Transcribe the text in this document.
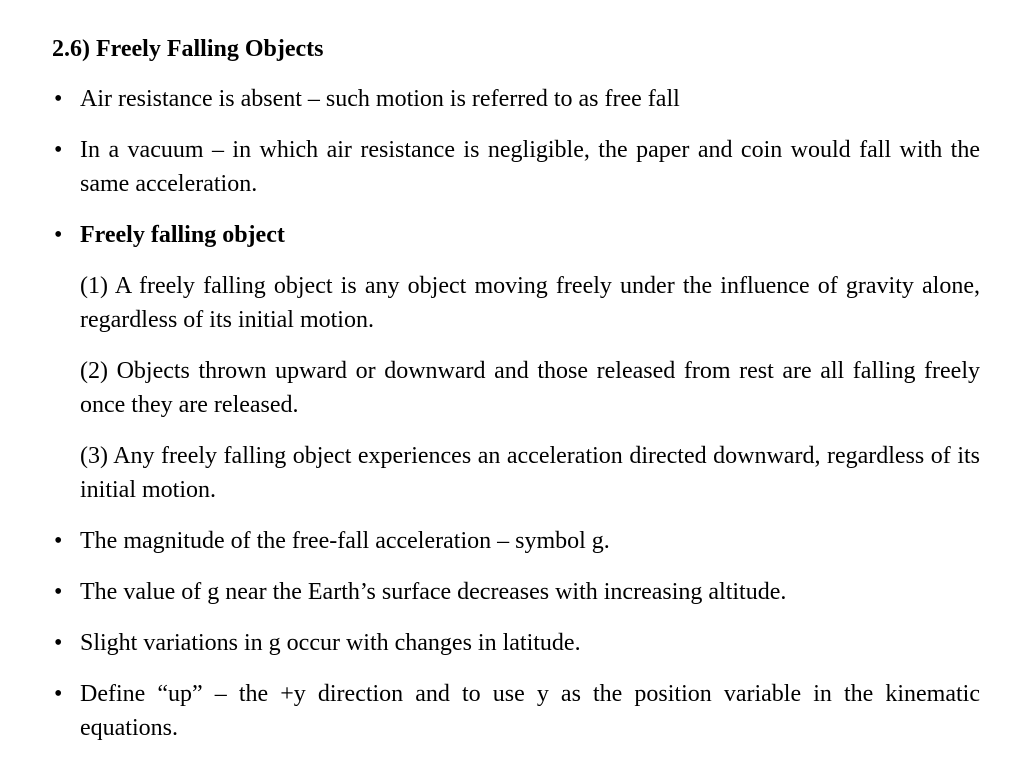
2.6) Freely Falling Objects
• Air resistance is absent – such motion is referred to as free fall
• In a vacuum – in which air resistance is negligible, the paper and coin would fall with the same acceleration.
• Freely falling object
(1) A freely falling object is any object moving freely under the influence of gravity alone, regardless of its initial motion.
(2) Objects thrown upward or downward and those released from rest are all falling freely once they are released.
(3) Any freely falling object experiences an acceleration directed downward, regardless of its initial motion.
• The magnitude of the free-fall acceleration – symbol g.
• The value of g near the Earth’s surface decreases with increasing altitude.
• Slight variations in g occur with changes in latitude.
• Define “up” – the +y direction and to use y as the position variable in the kinematic equations.
